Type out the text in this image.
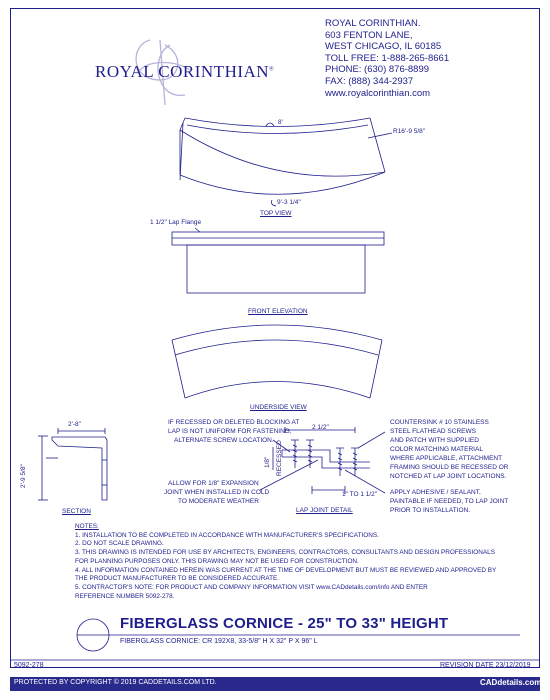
ROYAL CORINTHIAN®
ROYAL CORINTHIAN.
603 FENTON LANE,
WEST CHICAGO, IL 60185
TOLL FREE: 1-888-265-8661
PHONE: (630) 876-8899
FAX: (888) 344-2937
www.royalcorinthian.com
8'
R16'-9 5/8"
9'-3 1/4"
TOP VIEW
1 1/2" Lap Flange
FRONT ELEVATION
UNDERSIDE VIEW
2'-8"
2'-9 5/8"
SECTION
IF RECESSED OR DELETED BLOCKING AT
LAP IS NOT UNIFORM FOR FASTENING,
ALTERNATE SCREW LOCATION.
2 1/2"
1/8" RECESSED
ALLOW FOR 1/8" EXPANSION
JOINT WHEN INSTALLED IN COLD
TO MODERATE WEATHER
1" TO 1 1/2"
LAP JOINT DETAIL
COUNTERSINK # 10 STAINLESS
STEEL FLATHEAD SCREWS
AND PATCH WITH SUPPLIED
COLOR MATCHING MATERIAL
WHERE APPLICABLE, ATTACHMENT
FRAMING SHOULD BE RECESSED OR
NOTCHED AT LAP JOINT LOCATIONS.
APPLY ADHESIVE / SEALANT,
PAINTABLE IF NEEDED, TO LAP JOINT
PRIOR TO INSTALLATION.
NOTES:
1. INSTALLATION TO BE COMPLETED IN ACCORDANCE WITH MANUFACTURER'S SPECIFICATIONS.
2. DO NOT SCALE DRAWING.
3. THIS DRAWING IS INTENDED FOR USE BY ARCHITECTS, ENGINEERS, CONTRACTORS, CONSULTANTS AND DESIGN PROFESSIONALS
FOR PLANNING PURPOSES ONLY. THIS DRAWING MAY NOT BE USED FOR CONSTRUCTION.
4. ALL INFORMATION CONTAINED HEREIN WAS CURRENT AT THE TIME OF DEVELOPMENT BUT MUST BE REVIEWED AND APPROVED BY
THE PRODUCT MANUFACTURER TO BE CONSIDERED ACCURATE.
5. CONTRACTOR'S NOTE: FOR PRODUCT AND COMPANY INFORMATION VISIT www.CADdetails.com/info AND ENTER
REFERENCE NUMBER 5092-278.
FIBERGLASS CORNICE - 25" TO 33" HEIGHT
FIBERGLASS CORNICE: CR 192X8, 33-5/8" H X 32" P X 96" L
5092-278	REVISION DATE 23/12/2019
PROTECTED BY COPYRIGHT © 2019 CADDETAILS.COM LTD.	CADdetails.com
